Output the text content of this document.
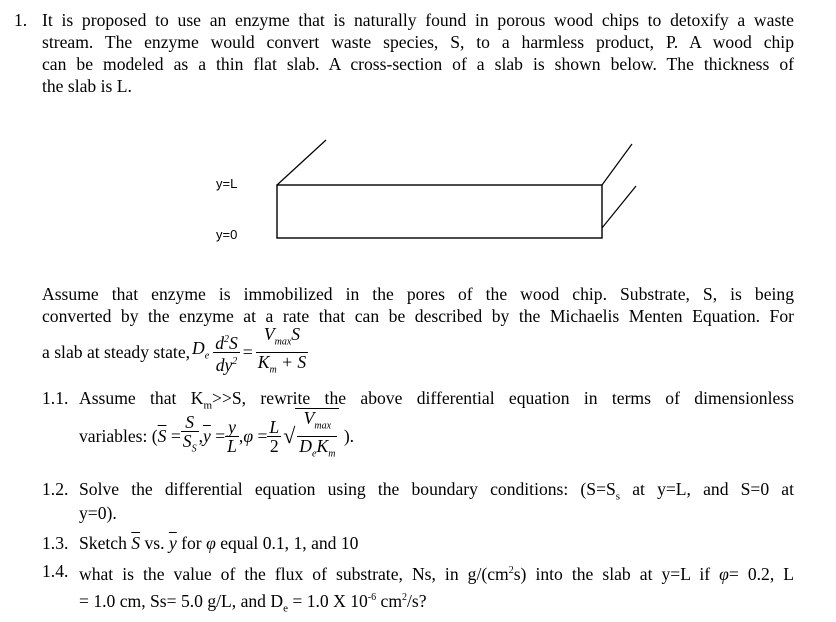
1. It is proposed to use an enzyme that is naturally found in porous wood chips to detoxify a waste
stream. The enzyme would convert waste species, S, to a harmless product, P. A wood chip
can be modeled as a thin flat slab. A cross-section of a slab is shown below. The thickness of
the slab is L.
y=L
y=0
Assume that enzyme is immobilized in the pores of the wood chip. Substrate, S, is being
converted by the enzyme at a rate that can be described by the Michaelis Menten Equation. For
a slab at steady state, $D_e \frac{d^2S}{dy^2} = \frac{V_{max}S}{K_m + S}$
1.1. Assume that $K_m>>S$, rewrite the above differential equation in terms of dimensionless
variables: ( $\overline{S} = \frac{S}{S_S}$ , $\overline{y} = \frac{y}{L}$ , $\varphi = \frac{L}{2}$ √ $\frac{V_{max}}{D_eK_m}$ ).
1.2. Solve the differential equation using the boundary conditions: ($S=S_s$ at y=L, and S=0 at
y=0).
1.3. Sketch $\overline{S}$ vs. $\overline{y}$ for φ equal 0.1, 1, and 10
1.4. what is the value of the flux of substrate, Ns, in $g/(cm^2s)$ into the slab at y=L if φ= 0.2, L
= 1.0 cm, Ss= 5.0 g/L, and $D_e = 1.0$ X $10^{-6}$ $cm^2/s$?
